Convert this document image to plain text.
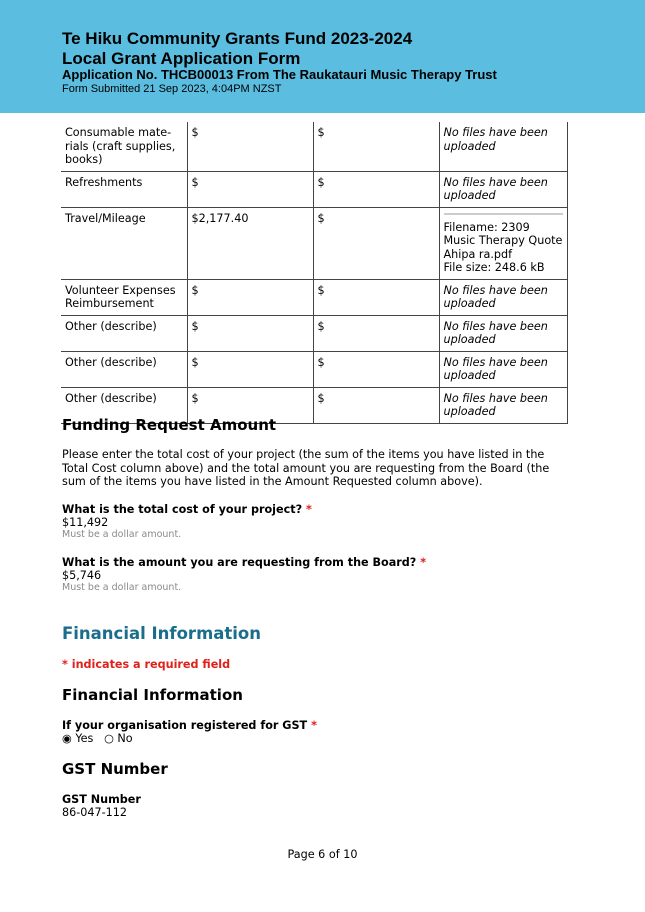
Te Hiku Community Grants Fund 2023-2024
Local Grant Application Form
Application No. THCB00013 From The Raukatauri Music Therapy Trust
Form Submitted 21 Sep 2023, 4:04PM NZST
Consumable mate-rials (craft supplies, books)	$	$	No files have been uploaded
Refreshments	$	$	No files have been uploaded
Travel/Mileage	$2,177.40	$	Filename: 2309 Music Therapy Quote Ahipa ra.pdf
File size: 248.6 kB

Volunteer Expenses Reimbursement	$	$	No files have been uploaded
Other (describe)	$	$	No files have been uploaded
Other (describe)	$	$	No files have been uploaded
Other (describe)	$	$	No files have been uploaded
Funding Request Amount
Please enter the total cost of your project (the sum of the items you have listed in the Total Cost column above) and the total amount you are requesting from the Board (the sum of the items you have listed in the Amount Requested column above).
What is the total cost of your project? *
$11,492
Must be a dollar amount.
What is the amount you are requesting from the Board? *
$5,746
Must be a dollar amount.
Financial Information
* indicates a required field
Financial Information
If your organisation registered for GST *
◉ Yes ○ No
GST Number
GST Number
86-047-112
Page 6 of 10
